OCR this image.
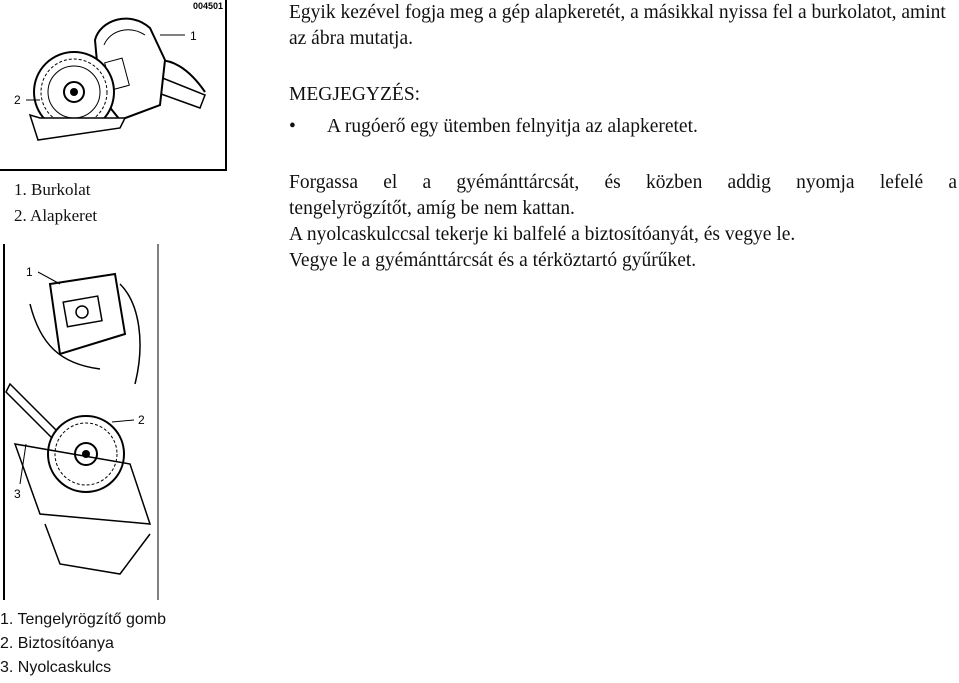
004501
1
2
1. Burkolat
2. Alapkeret
1
2
3
1. Tengelyrögzítő gomb
2. Biztosítóanya
3. Nyolcaskulcs
Egyik kezével fogja meg a gép alapkeretét, a másikkal nyissa fel a burkolatot, amint az ábra mutatja.
MEGJEGYZÉS:
• A rugóerő egy ütemben felnyitja az alapkeretet.
Forgassa el a gyémánttárcsát, és közben addig nyomja lefelé a
tengelyrögzítőt, amíg be nem kattan.
A nyolcaskulccsal tekerje ki balfelé a biztosítóanyát, és vegye le.
Vegye le a gyémánttárcsát és a térköztartó gyűrűket.
